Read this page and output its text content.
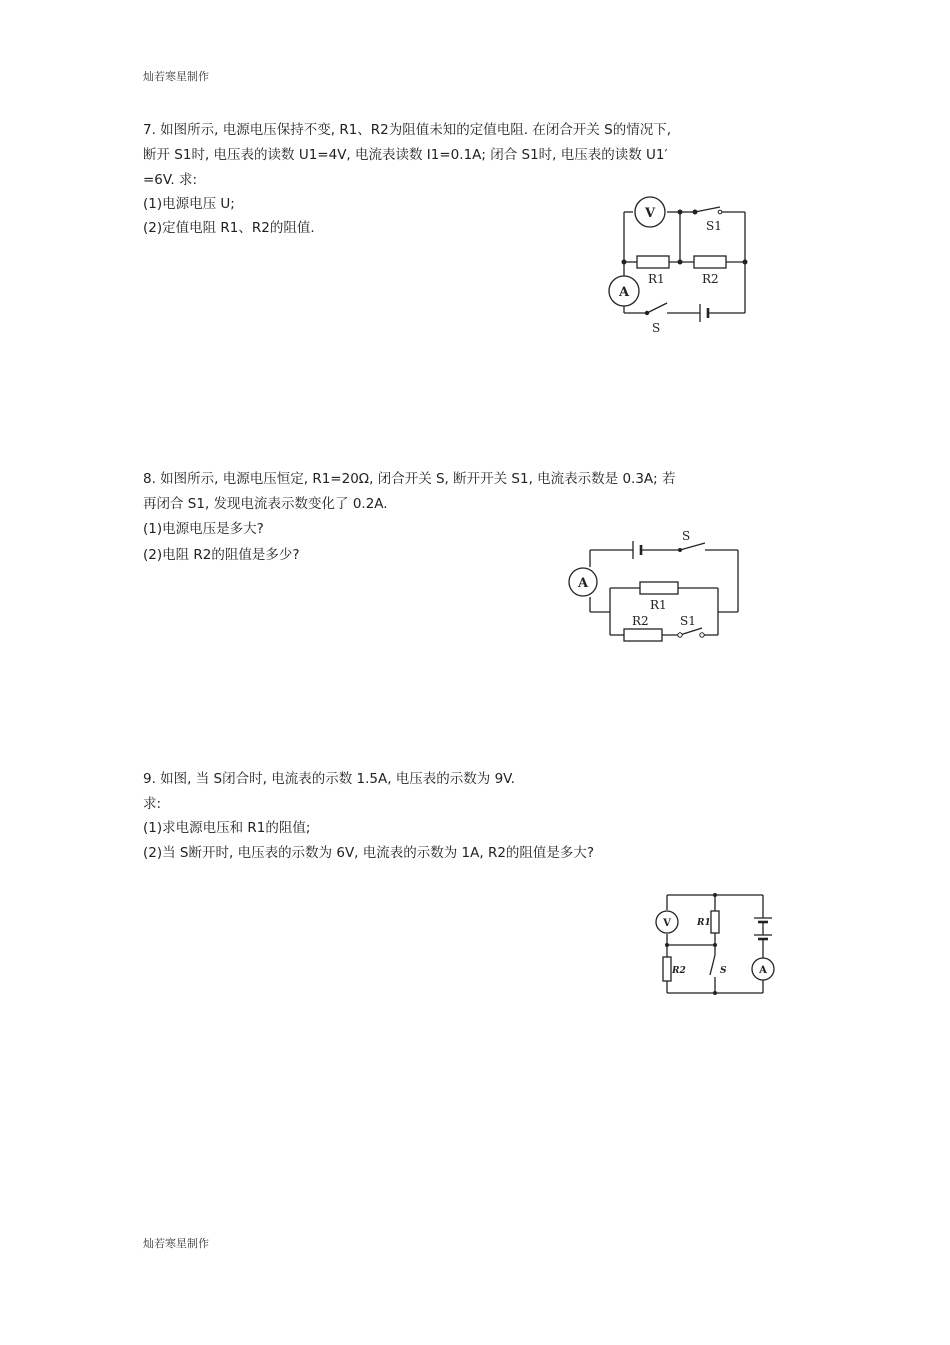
灿若寒星制作
7. 如图所示, 电源电压保持不变, R1、R2为阻值未知的定值电阻. 在闭合开关 S的情况下,
断开 S1时, 电压表的读数 U1=4V, 电流表读数 I1=0.1A; 闭合 S1时, 电压表的读数 U1′
=6V. 求:
(1)电源电压 U;
(2)定值电阻 R1、R2的阻值.
V
A
R1	R2
S1
S
8. 如图所示, 电源电压恒定, R1=20Ω, 闭合开关 S, 断开开关 S1, 电流表示数是 0.3A; 若
再闭合 S1, 发现电流表示数变化了 0.2A.
(1)电源电压是多大?
(2)电阻 R2的阻值是多少?
A
R1
R2
S
S1
9. 如图, 当 S闭合时, 电流表的示数 1.5A, 电压表的示数为 9V.
求:
(1)求电源电压和 R1的阻值;
(2)当 S断开时, 电压表的示数为 6V, 电流表的示数为 1A, R2的阻值是多大?
V
A
R1
R2	S
灿若寒星制作
